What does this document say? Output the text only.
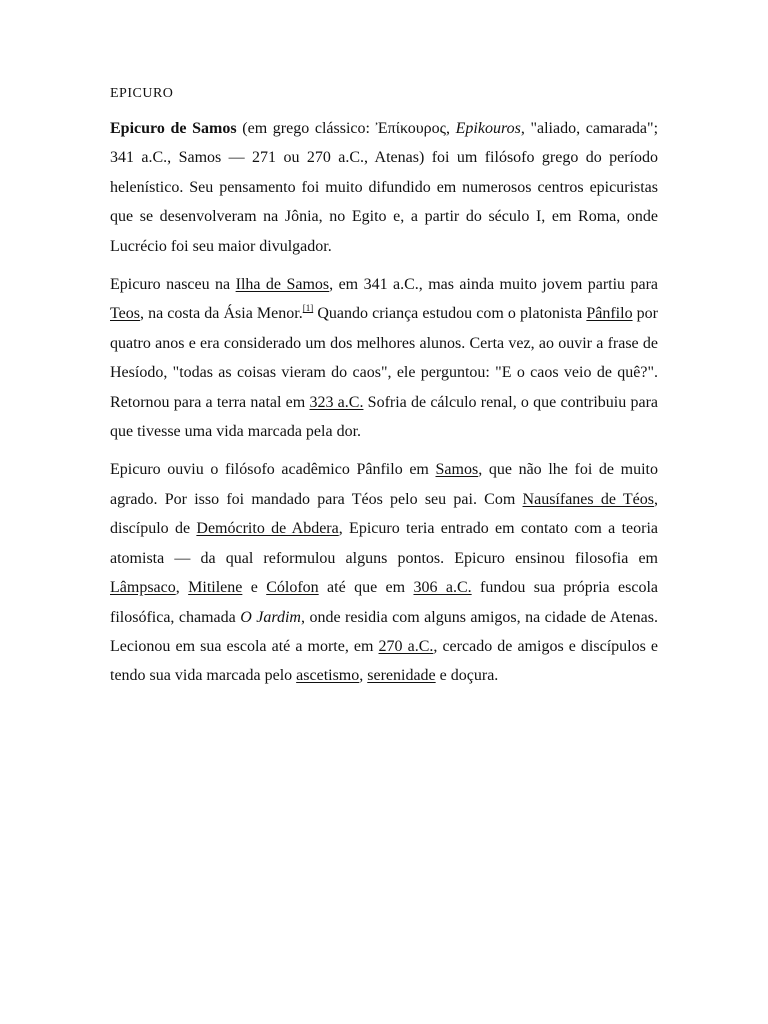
EPICURO

Epicuro de Samos (em grego clássico: Ἐπίκουρος, Epikouros, "aliado, camarada"; 341 a.C., Samos — 271 ou 270 a.C., Atenas) foi um filósofo grego do período helenístico. Seu pensamento foi muito difundido em numerosos centros epicuristas que se desenvolveram na Jônia, no Egito e, a partir do século I, em Roma, onde Lucrécio foi seu maior divulgador.

Epicuro nasceu na Ilha de Samos, em 341 a.C., mas ainda muito jovem partiu para Teos, na costa da Ásia Menor.[1] Quando criança estudou com o platonista Pânfilo por quatro anos e era considerado um dos melhores alunos. Certa vez, ao ouvir a frase de Hesíodo, "todas as coisas vieram do caos", ele perguntou: "E o caos veio de quê?". Retornou para a terra natal em 323 a.C. Sofria de cálculo renal, o que contribuiu para que tivesse uma vida marcada pela dor.

Epicuro ouviu o filósofo acadêmico Pânfilo em Samos, que não lhe foi de muito agrado. Por isso foi mandado para Téos pelo seu pai. Com Nausífanes de Téos, discípulo de Demócrito de Abdera, Epicuro teria entrado em contato com a teoria atomista — da qual reformulou alguns pontos. Epicuro ensinou filosofia em Lâmpsaco, Mitilene e Cólofon até que em 306 a.C. fundou sua própria escola filosófica, chamada O Jardim, onde residia com alguns amigos, na cidade de Atenas. Lecionou em sua escola até a morte, em 270 a.C., cercado de amigos e discípulos e tendo sua vida marcada pelo ascetismo, serenidade e doçura.
